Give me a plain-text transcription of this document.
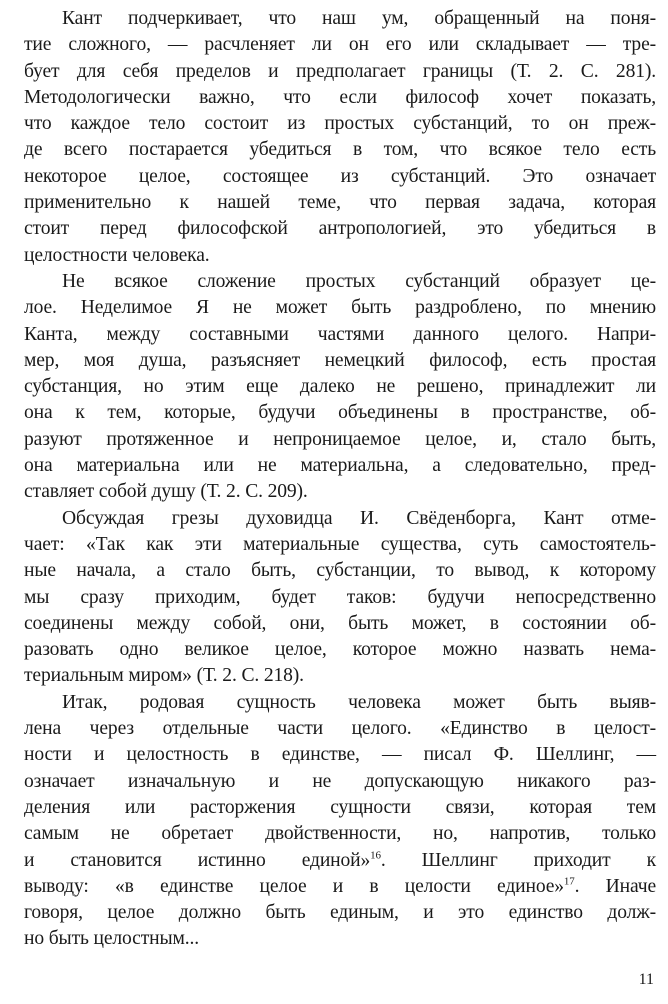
Кант подчеркивает, что наш ум, обращенный на поня-
тие сложного, — расчленяет ли он его или складывает — тре-
бует для себя пределов и предполагает границы (Т. 2. С. 281).
Методологически важно, что если философ хочет показать,
что каждое тело состоит из простых субстанций, то он преж-
де всего постарается убедиться в том, что всякое тело есть
некоторое целое, состоящее из субстанций. Это означает
применительно к нашей теме, что первая задача, которая
стоит перед философской антропологией, это убедиться в
целостности человека.
Не всякое сложение простых субстанций образует це-
лое. Неделимое Я не может быть раздроблено, по мнению
Канта, между составными частями данного целого. Напри-
мер, моя душа, разъясняет немецкий философ, есть простая
субстанция, но этим еще далеко не решено, принадлежит ли
она к тем, которые, будучи объединены в пространстве, об-
разуют протяженное и непроницаемое целое, и, стало быть,
она материальна или не материальна, а следовательно, пред-
ставляет собой душу (Т. 2. С. 209).
Обсуждая грезы духовидца И. Свёденборга, Кант отме-
чает: «Так как эти материальные существа, суть самостоятель-
ные начала, а стало быть, субстанции, то вывод, к которому
мы сразу приходим, будет таков: будучи непосредственно
соединены между собой, они, быть может, в состоянии об-
разовать одно великое целое, которое можно назвать нема-
териальным миром» (Т. 2. С. 218).
Итак, родовая сущность человека может быть выяв-
лена через отдельные части целого. «Единство в целост-
ности и целостность в единстве, — писал Ф. Шеллинг, —
означает изначальную и не допускающую никакого раз-
деления или расторжения сущности связи, которая тем
самым не обретает двойственности, но, напротив, только
и становится истинно единой»$^{16}$. Шеллинг приходит к
выводу: «в единстве целое и в целости единое»$^{17}$. Иначе
говоря, целое должно быть единым, и это единство долж-
но быть целостным...
11
